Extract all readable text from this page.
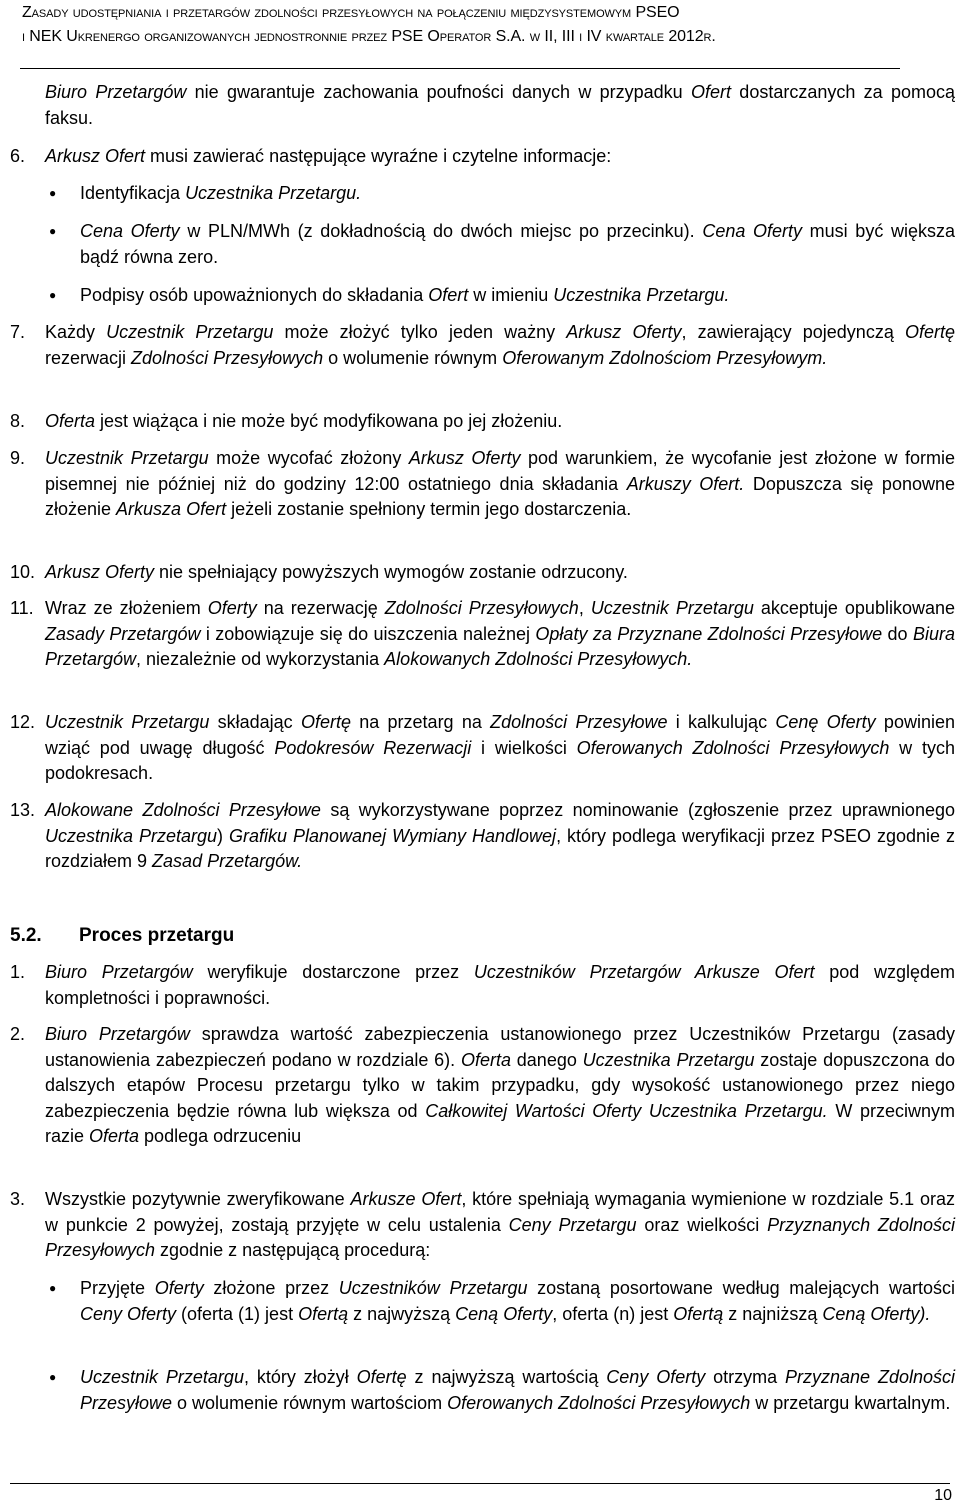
Zasady udostępniania i przetargów zdolności przesyłowych na połączeniu międzysystemowym PSEO
i NEK Ukrenergo organizowanych jednostronnie przez PSE Operator S.A. w II, III i IV kwartale 2012r.
Biuro Przetargów nie gwarantuje zachowania poufności danych w przypadku Ofert dostarczanych za pomocą faksu.
6. Arkusz Ofert musi zawierać następujące wyraźne i czytelne informacje:
● Identyfikacja Uczestnika Przetargu.
● Cena Oferty w PLN/MWh (z dokładnością do dwóch miejsc po przecinku). Cena Oferty musi być większa bądź równa zero.
● Podpisy osób upoważnionych do składania Ofert w imieniu Uczestnika Przetargu.
7. Każdy Uczestnik Przetargu może złożyć tylko jeden ważny Arkusz Oferty, zawierający pojedynczą Ofertę rezerwacji Zdolności Przesyłowych o wolumenie równym Oferowanym Zdolnościom Przesyłowym.
8. Oferta jest wiążąca i nie może być modyfikowana po jej złożeniu.
9. Uczestnik Przetargu może wycofać złożony Arkusz Oferty pod warunkiem, że wycofanie jest złożone w formie pisemnej nie później niż do godziny 12:00 ostatniego dnia składania Arkuszy Ofert. Dopuszcza się ponowne złożenie Arkusza Ofert jeżeli zostanie spełniony termin jego dostarczenia.
10. Arkusz Oferty nie spełniający powyższych wymogów zostanie odrzucony.
11. Wraz ze złożeniem Oferty na rezerwację Zdolności Przesyłowych, Uczestnik Przetargu akceptuje opublikowane Zasady Przetargów i zobowiązuje się do uiszczenia należnej Opłaty za Przyznane Zdolności Przesyłowe do Biura Przetargów, niezależnie od wykorzystania Alokowanych Zdolności Przesyłowych.
12. Uczestnik Przetargu składając Ofertę na przetarg na Zdolności Przesyłowe i kalkulując Cenę Oferty powinien wziąć pod uwagę długość Podokresów Rezerwacji i wielkości Oferowanych Zdolności Przesyłowych w tych podokresach.
13. Alokowane Zdolności Przesyłowe są wykorzystywane poprzez nominowanie (zgłoszenie przez uprawnionego Uczestnika Przetargu) Grafiku Planowanej Wymiany Handlowej, który podlega weryfikacji przez PSEO zgodnie z rozdziałem 9 Zasad Przetargów.
5.2. Proces przetargu
1. Biuro Przetargów weryfikuje dostarczone przez Uczestników Przetargów Arkusze Ofert pod względem kompletności i poprawności.
2. Biuro Przetargów sprawdza wartość zabezpieczenia ustanowionego przez Uczestników Przetargu (zasady ustanowienia zabezpieczeń podano w rozdziale 6). Oferta danego Uczestnika Przetargu zostaje dopuszczona do dalszych etapów Procesu przetargu tylko w takim przypadku, gdy wysokość ustanowionego przez niego zabezpieczenia będzie równa lub większa od Całkowitej Wartości Oferty Uczestnika Przetargu. W przeciwnym razie Oferta podlega odrzuceniu
3. Wszystkie pozytywnie zweryfikowane Arkusze Ofert, które spełniają wymagania wymienione w rozdziale 5.1 oraz w punkcie 2 powyżej, zostają przyjęte w celu ustalenia Ceny Przetargu oraz wielkości Przyznanych Zdolności Przesyłowych zgodnie z następującą procedurą:
● Przyjęte Oferty złożone przez Uczestników Przetargu zostaną posortowane według malejących wartości Ceny Oferty (oferta (1) jest Ofertą z najwyższą Ceną Oferty, oferta (n) jest Ofertą z najniższą Ceną Oferty).
● Uczestnik Przetargu, który złożył Ofertę z najwyższą wartością Ceny Oferty otrzyma Przyznane Zdolności Przesyłowe o wolumenie równym wartościom Oferowanych Zdolności Przesyłowych w przetargu kwartalnym.
10
